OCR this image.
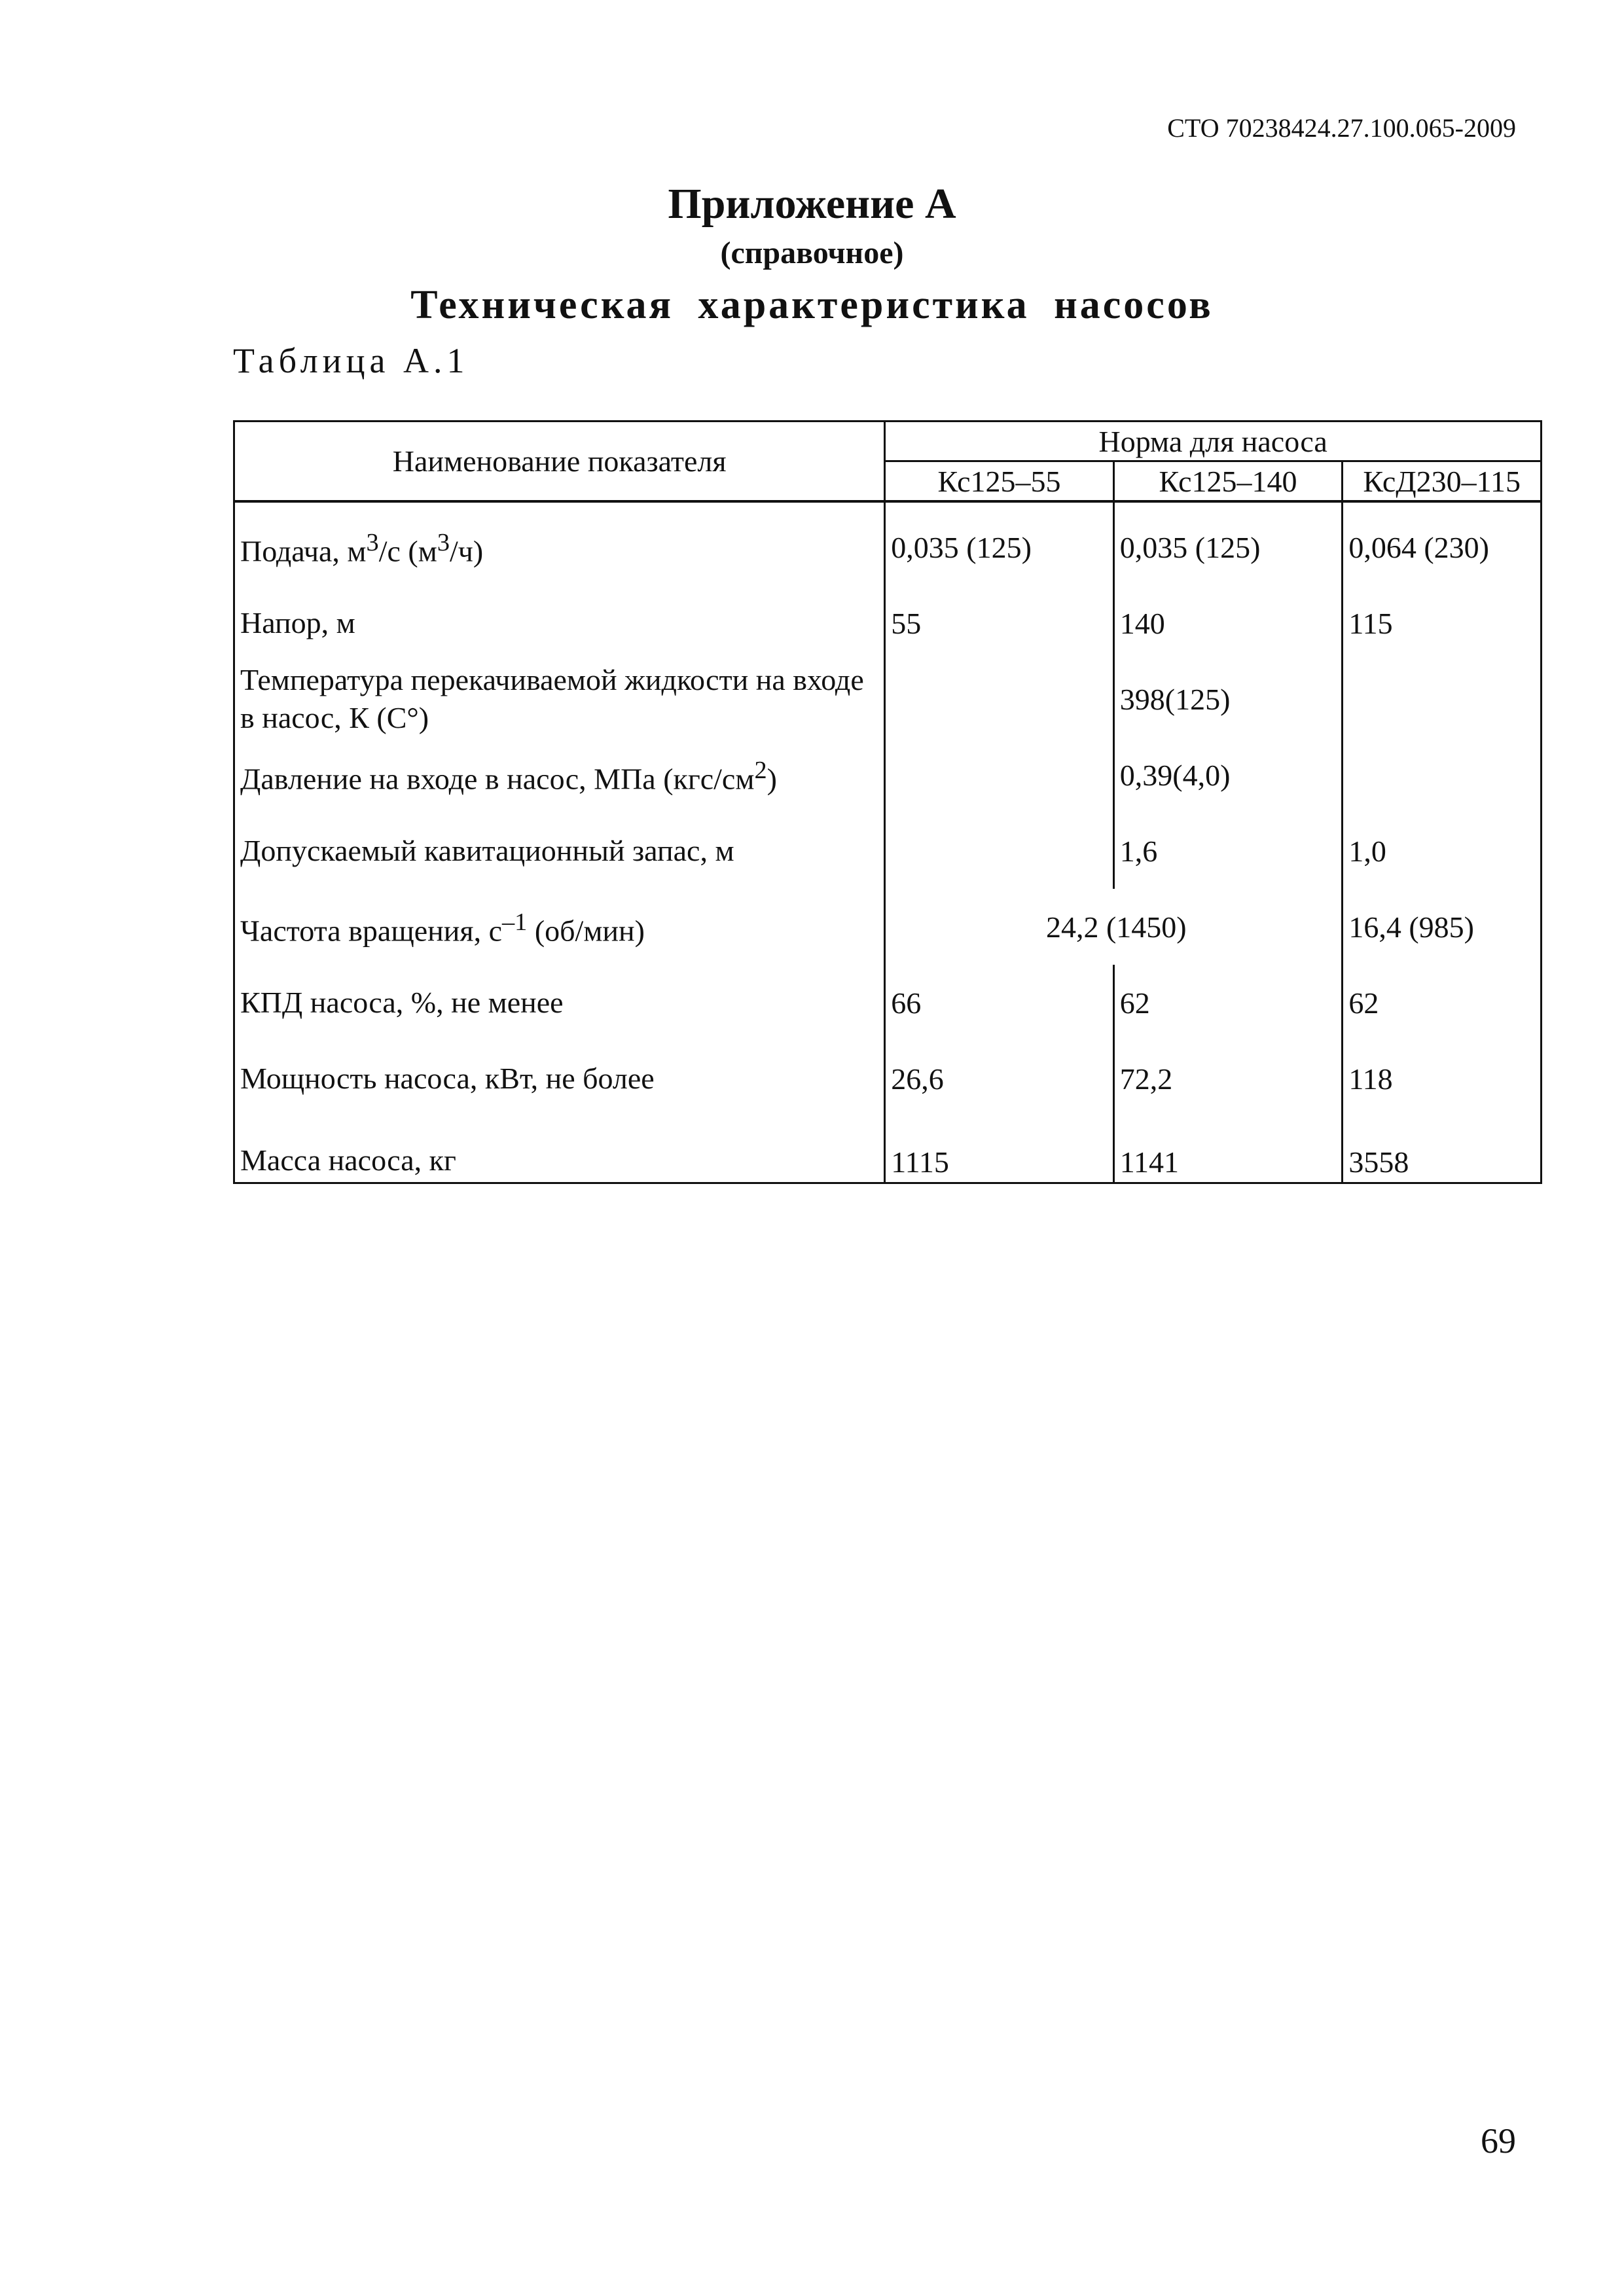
СТО 70238424.27.100.065-2009
Приложение А
(справочное)
Техническая характеристика насосов
Таблица А.1
Наименование показателя	Норма для насоса		
	Кс125–55	Кс125–140	КсД230–115

Подача, $м^3/с$ $(м^3/ч)$	0,035 (125)	0,035 (125)	0,064 (230)
Напор, м	55	140	115
Температура перекачиваемой жидкости на входе в насос, К (С°)		398(125)	
Давление на входе в насос, МПа $(кгс/см^2)$		0,39(4,0)	
Допускаемый кавитационный запас, м		1,6	1,0
Частота вращения, $с^{-1}$ (об/мин)	24,2 (1450)		16,4 (985)
КПД насоса, %, не менее	66	62	62
Мощность насоса, кВт, не более	26,6	72,2	118
Масса насоса, кг	1115	1141	3558
69
